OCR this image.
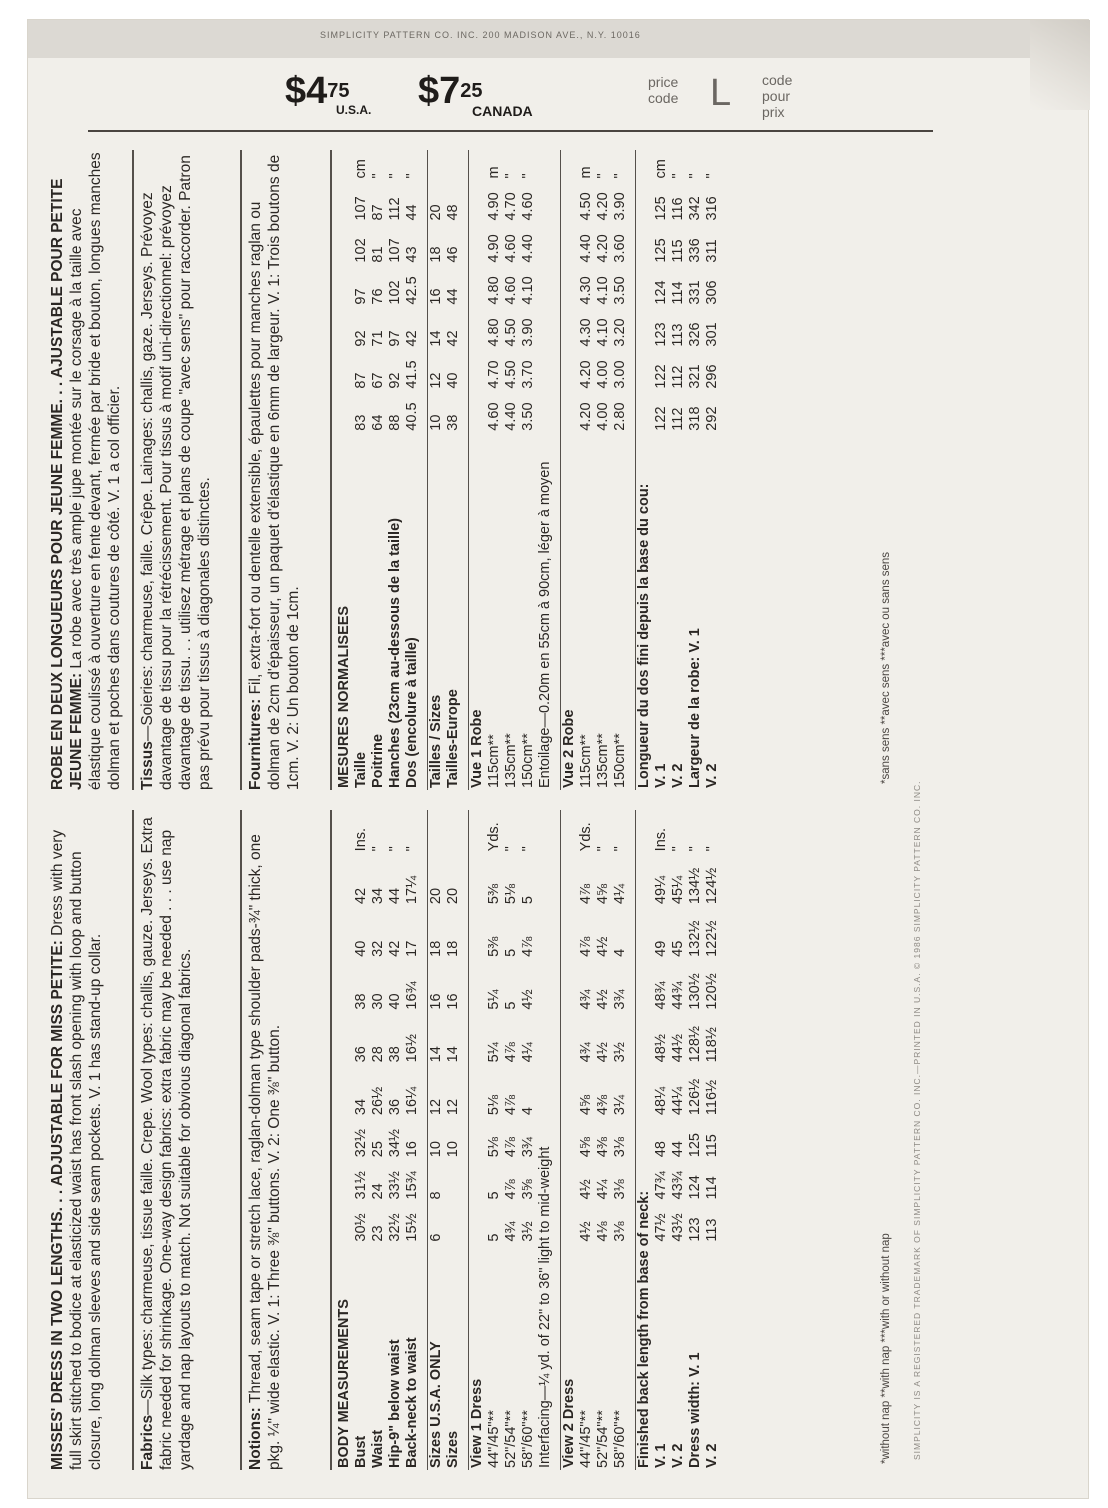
SIMPLICITY PATTERN CO. INC. 200 MADISON AVE., N.Y. 10016
$\$4^{75}$
U.S.A. $\$7^{25}$
CANADA
price
code L code
pour
prix
MISSES' DRESS IN TWO LENGTHS. . . ADJUSTABLE FOR MISS PETITE: Dress with very full skirt stitched to bodice at elasticized waist has front slash opening with loop and button closure, long dolman sleeves and side seam pockets. V. 1 has stand-up collar. Fabrics—Silk types: charmeuse, tissue faille. Crepe. Wool types: challis, gauze. Jerseys. Extra fabric needed for shrinkage. One-way design fabrics: extra fabric may be needed . . . use nap yardage and nap layouts to match. Not suitable for obvious diagonal fabrics.	Notions: Thread, seam tape or stretch lace, raglan-dolman type shoulder pads-¾" thick, one pkg. ¼" wide elastic. V. 1: Three ⅜" buttons. V. 2: One ⅜" button.	BODY MEASUREMENTS									
Bust	30½	31½	32½	34	36	38	40	42	Ins.
Waist	23	24	25	26½	28	30	32	34	"
Hip-9" below waist	32½	33½	34½	36	38	40	42	44	"
Back-neck to waist	15½	15¾	16	16¼	16½	16¾	17	17¼	"

Sizes U.S.A. ONLY	6	8	10	12	14	16	18	20	
Sizes			10	12	14	16	18	20	

View 1 Dress									
44"/45"**	5	5	5⅛	5⅛	5¼	5¼	5⅜	5⅜	Yds.
52"/54"**	4¾	4⅞	4⅞	4⅞	4⅞	5	5	5⅛	"
58"/60"**	3½	3⅝	3¾	4	4¼	4½	4⅞	5	"
Interfacing—¼ yd. of 22" to 36" light to mid-weight									

View 2 Dress									
44"/45"**	4½	4½	4⅝	4⅝	4¾	4¾	4⅞	4⅞	Yds.
52"/54"**	4⅛	4¼	4⅜	4⅜	4½	4½	4½	4⅝	"
58"/60"**	3⅛	3⅛	3⅛	3¼	3½	3¾	4	4¼	"

Finished back length from base of neck:									
V. 1	47½	47¾	48	48¼	48½	48¾	49	49¼	Ins.
V. 2	43½	43¾	44	44¼	44½	44¾	45	45¼	"
Dress width: V. 1	123	124	125	126½	128½	130½	132½	134½	"
V. 2	113	114	115	116½	118½	120½	122½	124½	"
*without nap **with nap ***with or without nap
ROBE EN DEUX LONGUEURS POUR JEUNE FEMME. . . AJUSTABLE POUR PETITE JEUNE FEMME: La robe avec très ample jupe montée sur le corsage à la taille avec élastique coulissé à ouverture en fente devant, fermée par bride et bouton, longues manches dolman et poches dans coutures de côté. V. 1 a col officier. Tissus—Soieries: charmeuse, faille. Crêpe. Lainages: challis, gaze. Jerseys. Prévoyez davantage de tissu pour la rétrécissement. Pour tissus à motif uni-directionnel: prévoyez davantage de tissu. . . utilisez métrage et plans de coupe "avec sens" pour raccorder. Patron pas prévu pour tissus à diagonales distinctes. Fournitures: Fil, extra-fort ou dentelle extensible, épaulettes pour manches raglan ou dolman de 2cm d'épaisseur, un paquet d'élastique en 6mm de largeur. V. 1: Trois boutons de 1cm. V. 2: Un bouton de 1cm. MESURES NORMALISEES							
Taille	83	87	92	97	102	107	cm
Poitrine	64	67	71	76	81	87	"
Hanches (23cm au-dessous de la taille)	88	92	97	102	107	112	"
Dos (encolure à taille)	40.5	41.5	42	42.5	43	44	"

Tailles / Sizes	10	12	14	16	18	20	
Tailles-Europe	38	40	42	44	46	48	

Vue 1 Robe							
115cm**	4.60	4.70	4.80	4.80	4.90	4.90	m
135cm**	4.40	4.50	4.50	4.60	4.60	4.70	"
150cm**	3.50	3.70	3.90	4.10	4.40	4.60	"
Entoilage—0.20m en 55cm à 90cm, léger à moyen							

Vue 2 Robe							
115cm**	4.20	4.20	4.30	4.30	4.40	4.50	m
135cm**	4.00	4.00	4.10	4.10	4.20	4.20	"
150cm**	2.80	3.00	3.20	3.50	3.60	3.90	"

Longueur du dos fini depuis la base du cou:							
V. 1	122	122	123	124	125	125	cm
V. 2	112	112	113	114	115	116	"
Largeur de la robe: V. 1	318	321	326	331	336	342	"
V. 2	292	296	301	306	311	316	"
*sans sens **avec sens ***avec ou sans sens
SIMPLICITY IS A REGISTERED TRADEMARK OF SIMPLICITY PATTERN CO. INC.—PRINTED IN U.S.A. © 1986 SIMPLICITY PATTERN CO. INC.
